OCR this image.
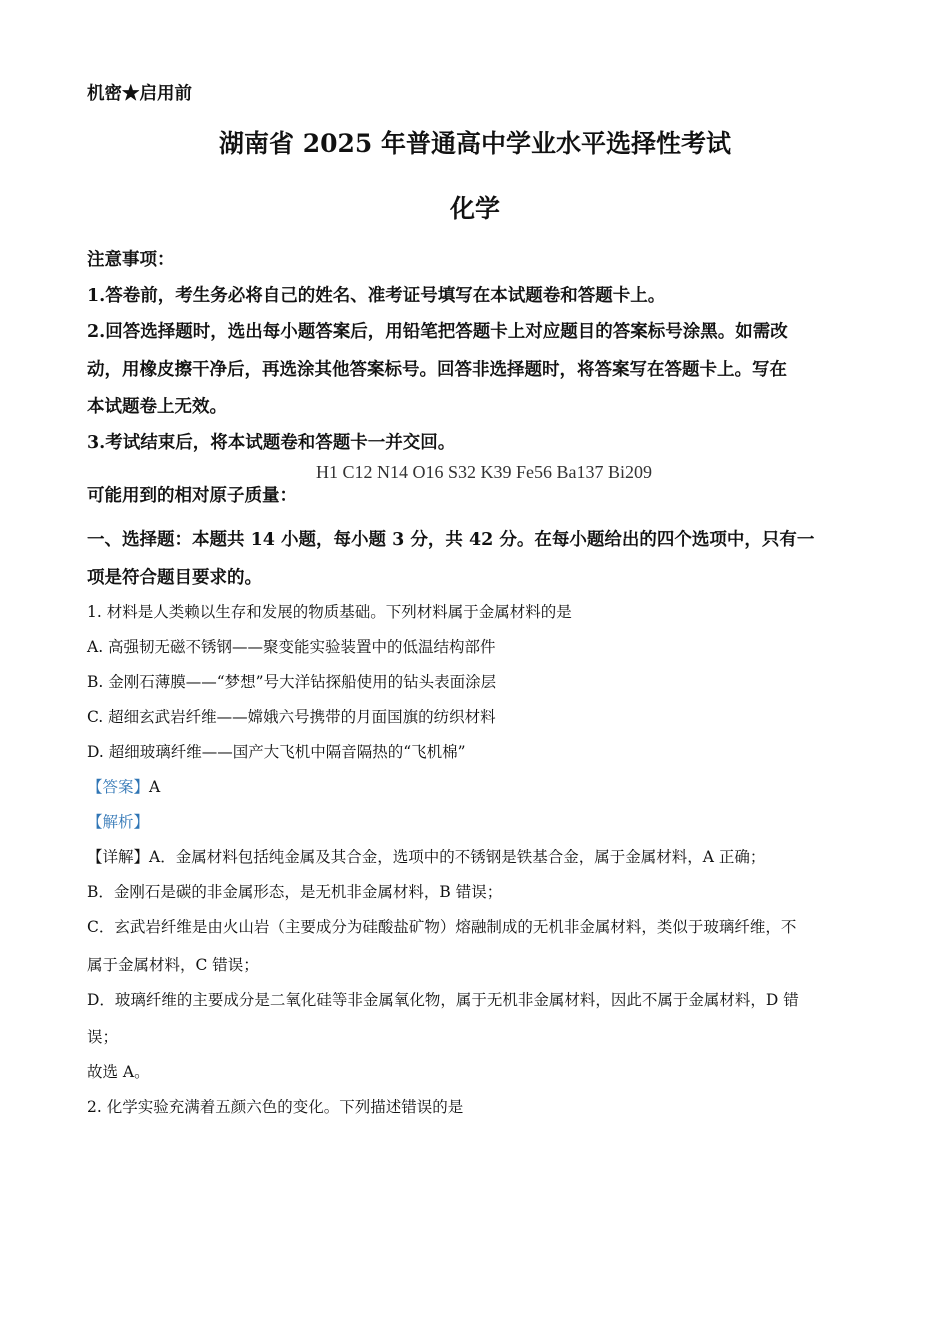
机密★启用前
湖南省 2025 年普通高中学业水平选择性考试
化学
注意事项：
1.答卷前，考生务必将自己的姓名、准考证号填写在本试题卷和答题卡上。
2.回答选择题时，选出每小题答案后，用铅笔把答题卡上对应题目的答案标号涂黑。如需改
动，用橡皮擦干净后，再选涂其他答案标号。回答非选择题时，将答案写在答题卡上。写在
本试题卷上无效。
3.考试结束后，将本试题卷和答题卡一并交回。
可能用到的相对原子质量：
H1 C12 N14 O16 S32 K39 Fe56 Ba137 Bi209
一、选择题：本题共 14 小题，每小题 3 分，共 42 分。在每小题给出的四个选项中，只有一
项是符合题目要求的。
1. 材料是人类赖以生存和发展的物质基础。下列材料属于金属材料的是
A. 高强韧无磁不锈钢——聚变能实验装置中的低温结构部件
B. 金刚石薄膜——“梦想”号大洋钻探船使用的钻头表面涂层
C. 超细玄武岩纤维——嫦娥六号携带的月面国旗的纺织材料
D. 超细玻璃纤维——国产大飞机中隔音隔热的“飞机棉”
【答案】A
【解析】
【详解】A．金属材料包括纯金属及其合金，选项中的不锈钢是铁基合金，属于金属材料，A 正确；
B．金刚石是碳的非金属形态，是无机非金属材料，B 错误；
C．玄武岩纤维是由火山岩（主要成分为硅酸盐矿物）熔融制成的无机非金属材料，类似于玻璃纤维，不
属于金属材料，C 错误；
D．玻璃纤维的主要成分是二氧化硅等非金属氧化物，属于无机非金属材料，因此不属于金属材料，D 错
误；
故选 A。
2. 化学实验充满着五颜六色的变化。下列描述错误的是
